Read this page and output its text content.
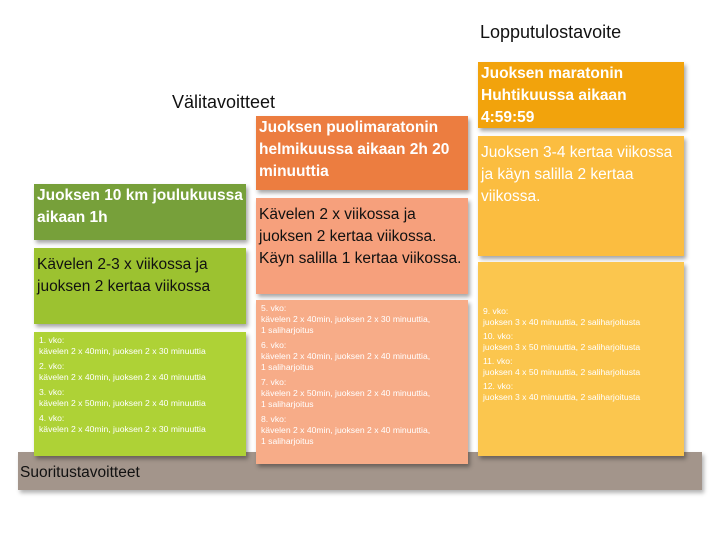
Lopputulostavoite
Välitavoitteet
Suoritustavoitteet
Juoksen 10 km joulukuussa aikaan 1h
Kävelen 2-3 x viikossa ja juoksen 2 kertaa viikossa
1. vko:
kävelen 2 x 40min, juoksen 2 x 30 minuuttia
2. vko:
kävelen 2 x 40min, juoksen 2 x 40 minuuttia
3. vko:
kävelen 2 x 50min, juoksen 2 x 40 minuuttia
4. vko:
kävelen 2 x 40min, juoksen 2 x 30 minuuttia
Juoksen puolimaratonin helmikuussa aikaan 2h 20 minuuttia
Kävelen 2 x viikossa ja juoksen 2 kertaa viikossa. Käyn salilla 1 kertaa viikossa.
5. vko:
kävelen 2 x 40min, juoksen 2 x 30 minuuttia,
1 saliharjoitus
6. vko:
kävelen 2 x 40min, juoksen 2 x 40 minuuttia,
1 saliharjoitus
7. vko:
kävelen 2 x 50min, juoksen 2 x 40 minuuttia,
1 saliharjoitus
8. vko:
kävelen 2 x 40min, juoksen 2 x 40 minuuttia,
1 saliharjoitus
Juoksen maratonin Huhtikuussa aikaan 4:59:59
Juoksen 3-4 kertaa viikossa ja käyn salilla 2 kertaa viikossa.
9. vko:
juoksen 3 x 40 minuuttia, 2 saliharjoitusta
10. vko:
juoksen 3 x 50 minuuttia, 2 saliharjoitusta
11. vko:
juoksen 4 x 50 minuuttia, 2 saliharjoitusta
12. vko:
juoksen 3 x 40 minuuttia, 2 saliharjoitusta
